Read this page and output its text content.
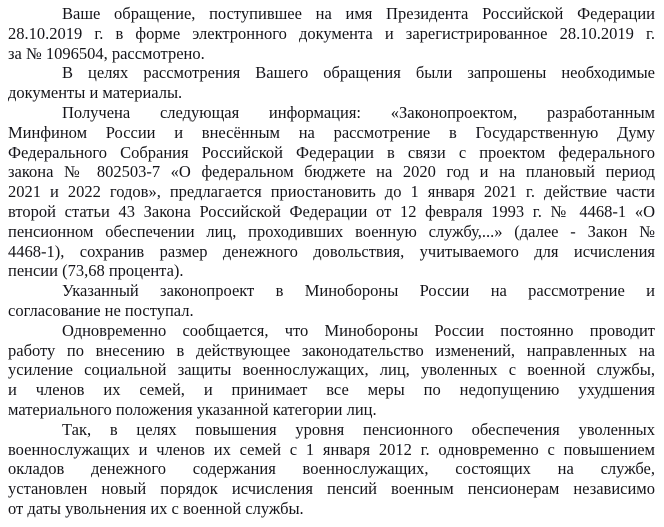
Ваше обращение, поступившее на имя Президента Российской Федерации
28.10.2019 г. в форме электронного документа и зарегистрированное 28.10.2019 г.
за № 1096504, рассмотрено.
В целях рассмотрения Вашего обращения были запрошены необходимые
документы и материалы.
Получена следующая информация: «Законопроектом, разработанным
Минфином России и внесённым на рассмотрение в Государственную Думу
Федерального Собрания Российской Федерации в связи с проектом федерального
закона № 802503-7 «О федеральном бюджете на 2020 год и на плановый период
2021 и 2022 годов», предлагается приостановить до 1 января 2021 г. действие части
второй статьи 43 Закона Российской Федерации от 12 февраля 1993 г. № 4468-1 «О
пенсионном обеспечении лиц, проходивших военную службу,...» (далее - Закон №
4468-1), сохранив размер денежного довольствия, учитываемого для исчисления
пенсии (73,68 процента).
Указанный законопроект в Минобороны России на рассмотрение и
согласование не поступал.
Одновременно сообщается, что Минобороны России постоянно проводит
работу по внесению в действующее законодательство изменений, направленных на
усиление социальной защиты военнослужащих, лиц, уволенных с военной службы,
и членов их семей, и принимает все меры по недопущению ухудшения
материального положения указанной категории лиц.
Так, в целях повышения уровня пенсионного обеспечения уволенных
военнослужащих и членов их семей с 1 января 2012 г. одновременно с повышением
окладов денежного содержания военнослужащих, состоящих на службе,
установлен новый порядок исчисления пенсий военным пенсионерам независимо
от даты увольнения их с военной службы.
